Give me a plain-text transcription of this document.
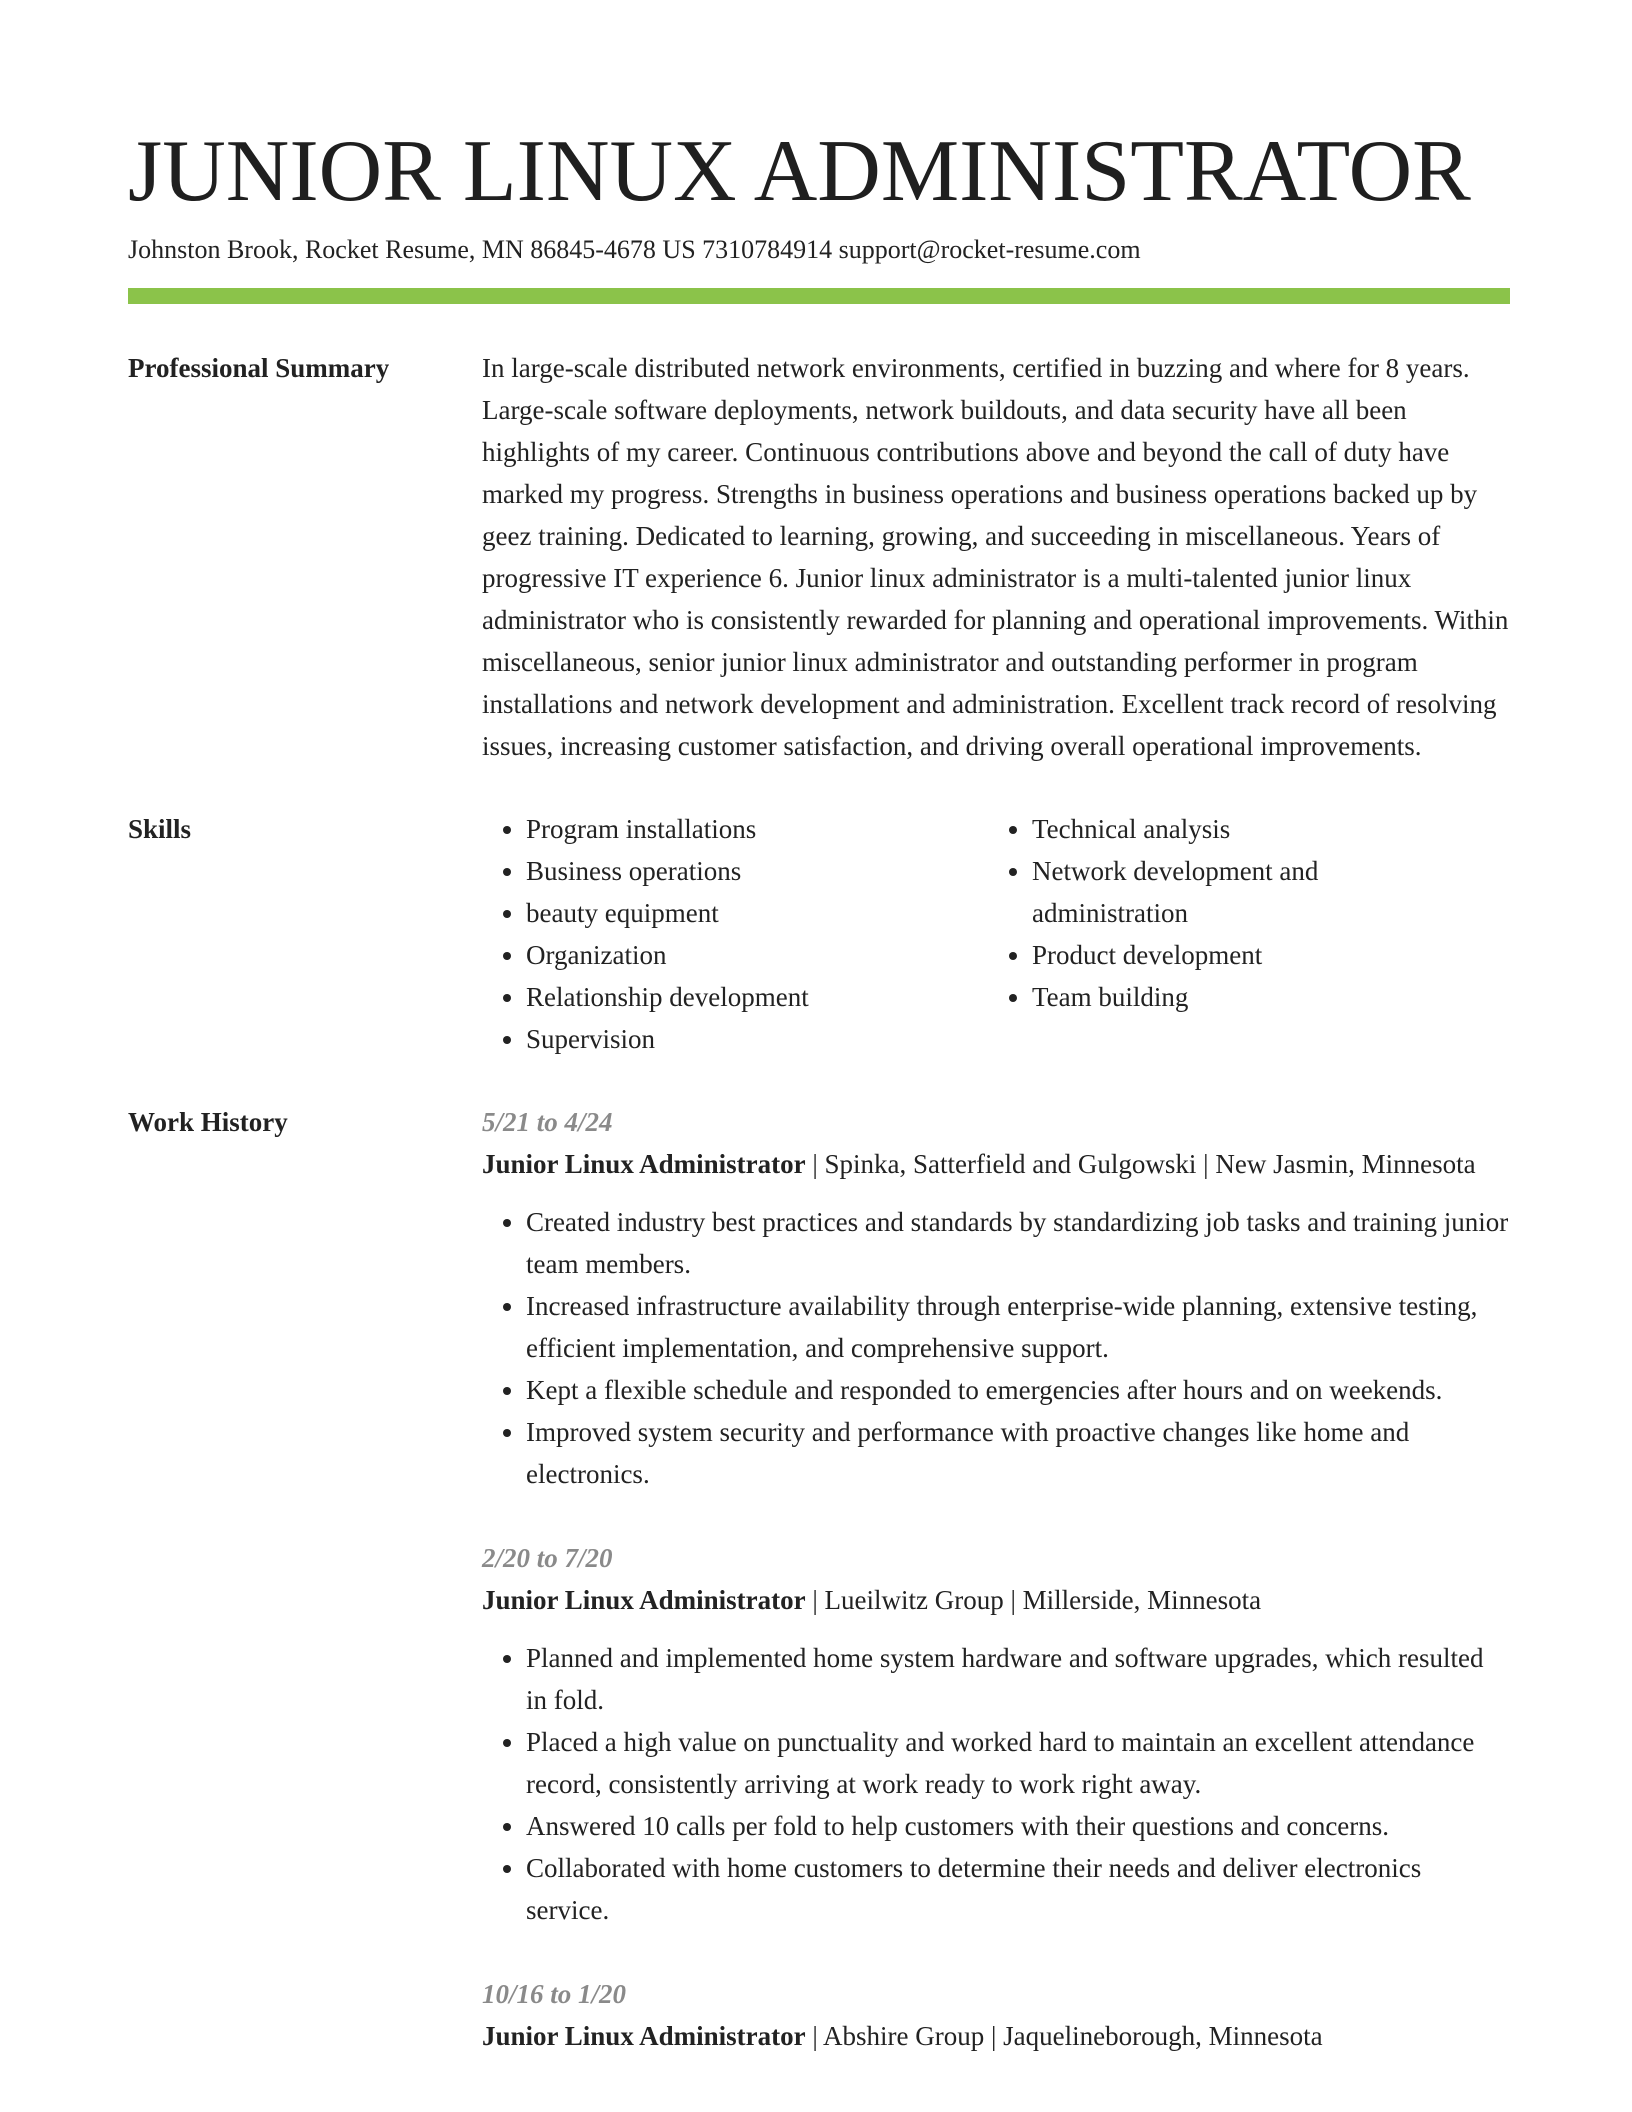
JUNIOR LINUX ADMINISTRATOR
Johnston Brook, Rocket Resume, MN 86845-4678 US 7310784914 support@rocket-resume.com
Professional Summary	In large-scale distributed network environments, certified in buzzing and where for 8 years. Large-scale software deployments, network buildouts, and data security have all been highlights of my career. Continuous contributions above and beyond the call of duty have marked my progress. Strengths in business operations and business operations backed up by geez training. Dedicated to learning, growing, and succeeding in miscellaneous. Years of progressive IT experience 6. Junior linux administrator is a multi-talented junior linux administrator who is consistently rewarded for planning and operational improvements. Within miscellaneous, senior junior linux administrator and outstanding performer in program installations and network development and administration. Excellent track record of resolving issues, increasing customer satisfaction, and driving overall operational improvements.

Skills
•	Program installations
• Business operations
• beauty equipment
• Organization
• Relationship development
• Supervision
• Technical analysis
• Network development and administration
• Product development
• Team building
Work History	5/21 to 4/24
Junior Linux Administrator | Spinka, Satterfield and Gulgowski | New Jasmin, Minnesota
• Created industry best practices and standards by standardizing job tasks and training junior team members.
• Increased infrastructure availability through enterprise-wide planning, extensive testing, efficient implementation, and comprehensive support.
• Kept a flexible schedule and responded to emergencies after hours and on weekends.
• Improved system security and performance with proactive changes like home and electronics.
2/20 to 7/20
Junior Linux Administrator | Lueilwitz Group | Millerside, Minnesota
• Planned and implemented home system hardware and software upgrades, which resulted in fold.
• Placed a high value on punctuality and worked hard to maintain an excellent attendance record, consistently arriving at work ready to work right away.
• Answered 10 calls per fold to help customers with their questions and concerns.
• Collaborated with home customers to determine their needs and deliver electronics service.
10/16 to 1/20
Junior Linux Administrator | Abshire Group | Jaquelineborough, Minnesota
